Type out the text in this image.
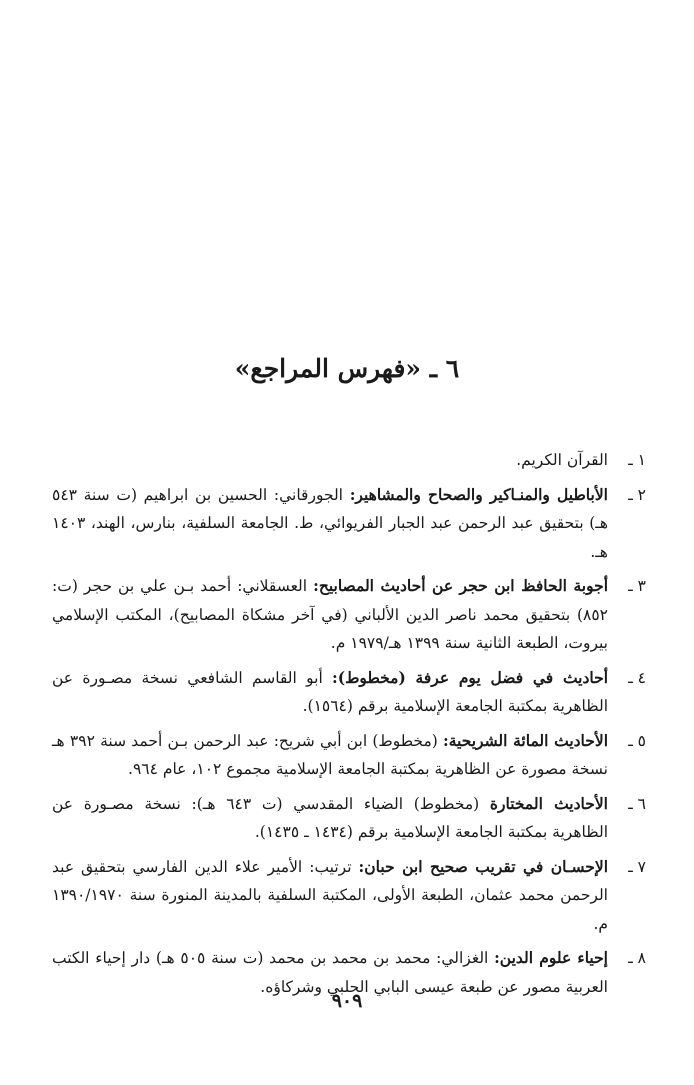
٦ ـ «فهرس المراجع»
١ ـ
القرآن الكريم.
٢ ـ
الأباطيل والمنـاكير والصحاح والمشاهير: الجورقاني: الحسين بن ابراهيم (ت سنة ٥٤٣ هـ) بتحقيق عبد الرحمن عبد الجبار الفريوائي، ط. الجامعة السلفية، بنارس، الهند، ١٤٠٣ هـ.
٣ ـ
أجوبة الحافظ ابن حجر عن أحاديث المصابيح: العسقلاني: أحمد بـن علي بن حجر (ت: ٨٥٢) بتحقيق محمد ناصر الدين الألباني (في آخر مشكاة المصابيح)، المكتب الإسلامي بيروت، الطبعة الثانية سنة ١٣٩٩ هـ/١٩٧٩ م.
٤ ـ
أحاديث في فضل يوم عرفة (مخطوط): أبو القاسم الشافعي نسخة مصـورة عن الظاهرية بمكتبة الجامعة الإسلامية برقم (١٥٦٤).
٥ ـ
الأحاديث المائة الشريحية: (مخطوط) ابن أبي شريح: عبد الرحمن بـن أحمد سنة ٣٩٢ هـ نسخة مصورة عن الظاهرية بمكتبة الجامعة الإسلامية مجموع ١٠٢، عام ٩٦٤.
٦ ـ
الأحاديث المختارة (مخطوط) الضياء المقدسي (ت ٦٤٣ هـ): نسخة مصـورة عن الظاهرية بمكتبة الجامعة الإسلامية برقم (١٤٣٤ ـ ١٤٣٥).
٧ ـ
الإحسـان في تقريب صحيح ابن حبان: ترتيب: الأمير علاء الدين الفارسي بتحقيق عبد الرحمن محمد عثمان، الطبعة الأولى، المكتبة السلفية بالمدينة المنورة سنة ١٣٩٠/١٩٧٠ م.
٨ ـ
إحياء علوم الدين: الغزالي: محمد بن محمد بن محمد (ت سنة ٥٠٥ هـ) دار إحياء الكتب العربية مصور عن طبعة عيسى البابي الحلبي وشركاؤه.

٩٠٩
